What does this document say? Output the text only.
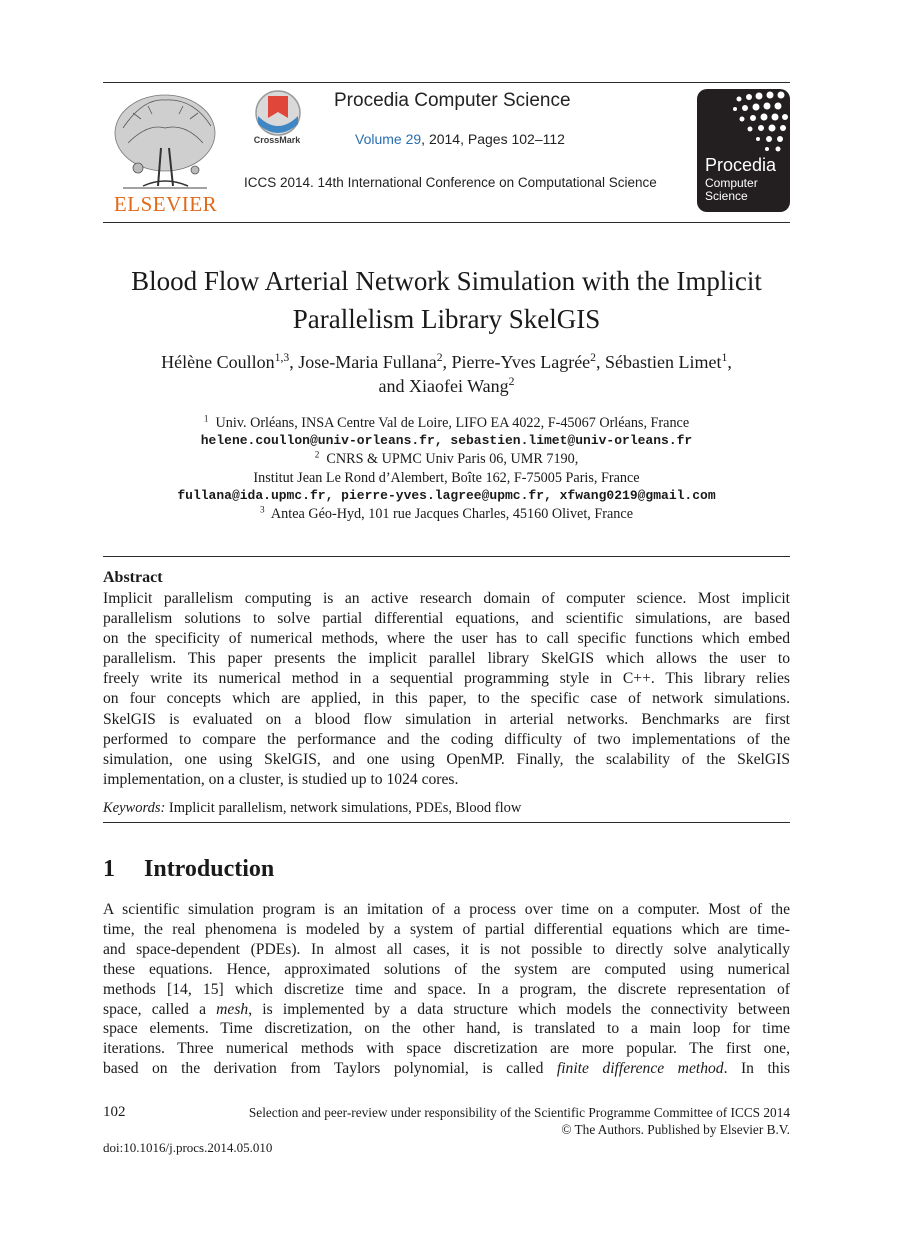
ELSEVIER
CrossMark
Procedia Computer Science
Volume 29, 2014, Pages 102–112
ICCS 2014. 14th International Conference on Computational Science
Procedia
Computer
Science
Blood Flow Arterial Network Simulation with the Implicit
Parallelism Library SkelGIS
Hélène Coullon$^{1,3}$, Jose-Maria Fullana$^2$, Pierre-Yves Lagrée$^2$, Sébastien Limet$^1$,
and Xiaofei Wang$^2$
$^1$ Univ. Orléans, INSA Centre Val de Loire, LIFO EA 4022, F-45067 Orléans, France
helene.coullon@univ-orleans.fr, sebastien.limet@univ-orleans.fr
$^2$ CNRS & UPMC Univ Paris 06, UMR 7190,
Institut Jean Le Rond d’Alembert, Boîte 162, F-75005 Paris, France
fullana@ida.upmc.fr, pierre-yves.lagree@upmc.fr, xfwang0219@gmail.com
$^3$ Antea Géo-Hyd, 101 rue Jacques Charles, 45160 Olivet, France
Abstract
Implicit parallelism computing is an active research domain of computer science. Most implicit
parallelism solutions to solve partial differential equations, and scientific simulations, are based
on the specificity of numerical methods, where the user has to call specific functions which embed
parallelism. This paper presents the implicit parallel library SkelGIS which allows the user to
freely write its numerical method in a sequential programming style in C++. This library relies
on four concepts which are applied, in this paper, to the specific case of network simulations.
SkelGIS is evaluated on a blood flow simulation in arterial networks. Benchmarks are first
performed to compare the performance and the coding difficulty of two implementations of the
simulation, one using SkelGIS, and one using OpenMP. Finally, the scalability of the SkelGIS
implementation, on a cluster, is studied up to 1024 cores.
Keywords: Implicit parallelism, network simulations, PDEs, Blood flow
1 Introduction
A scientific simulation program is an imitation of a process over time on a computer. Most of the
time, the real phenomena is modeled by a system of partial differential equations which are time-
and space-dependent (PDEs). In almost all cases, it is not possible to directly solve analytically
these equations. Hence, approximated solutions of the system are computed using numerical
methods [14, 15] which discretize time and space. In a program, the discrete representation of
space, called a mesh, is implemented by a data structure which models the connectivity between
space elements. Time discretization, on the other hand, is translated to a main loop for time
iterations. Three numerical methods with space discretization are more popular. The first one,
based on the derivation from Taylors polynomial, is called finite difference method. In this
102	Selection and peer-review under responsibility of the Scientific Programme Committee of ICCS 2014
© The Authors. Published by Elsevier B.V.
doi:10.1016/j.procs.2014.05.010
